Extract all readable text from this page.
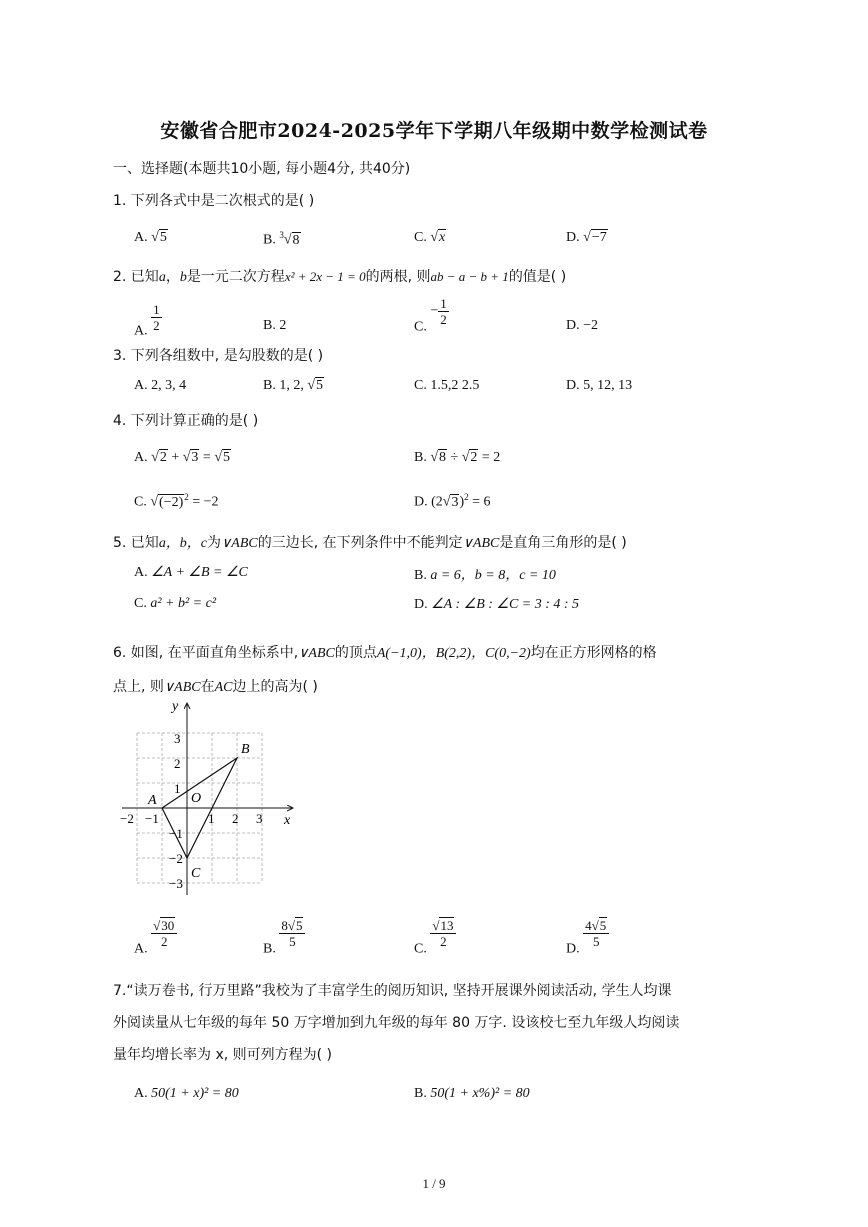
安徽省合肥市2024-2025学年下学期八年级期中数学检测试卷
一、选择题(本题共10小题, 每小题4分, 共40分)
1. 下列各式中是二次根式的是( )
A. √5	B. $^3$√8	C. √x	D. √−7
2. 已知a，b是一元二次方程x² + 2x − 1 = 0的两根, 则ab − a − b + 1的值是( )
A. $\frac{1}{2}$	B. 2	C. − $\frac{1}{2}$	D. −2
3. 下列各组数中, 是勾股数的是( )
A. 2, 3, 4	B. 1, 2, √5	C. 1.5,2 2.5	D. 5, 12, 13
4. 下列计算正确的是( )
A. √2 + √3 = √5	B. √8 ÷ √2 = 2
C. $√(-2)^2 = -2$	D. $(2√3)^2 = 6$
5. 已知a，b，c为∨ABC的三边长, 在下列条件中不能判定∨ABC是直角三角形的是( )
A. ∠A + ∠B = ∠C	B. a = 6，b = 8，c = 10
C. a² + b² = c²	D. ∠A : ∠B : ∠C = 3 : 4 : 5
6. 如图, 在平面直角坐标系中,∨ABC的顶点A(−1,0)，B(2,2)，C(0,−2)均在正方形网格的格
点上, 则∨ABC在AC边上的高为( )
y
x
3
2
1
−1
−2
−3
−2 −1	1 2 3
O
A
B
C
A.
$\frac{√30}{2}$
B.
$\frac{8√5}{5}$
C.
$\frac{√13}{2}$
D.
$\frac{4√5}{5}$
7.“读万卷书, 行万里路”我校为了丰富学生的阅历知识, 坚持开展课外阅读活动, 学生人均课
外阅读量从七年级的每年 50 万字增加到九年级的每年 80 万字. 设该校七至九年级人均阅读
量年均增长率为 x, 则可列方程为( )
A. 50(1 + x)² = 80	B. 50(1 + x%)² = 80
1 / 9
